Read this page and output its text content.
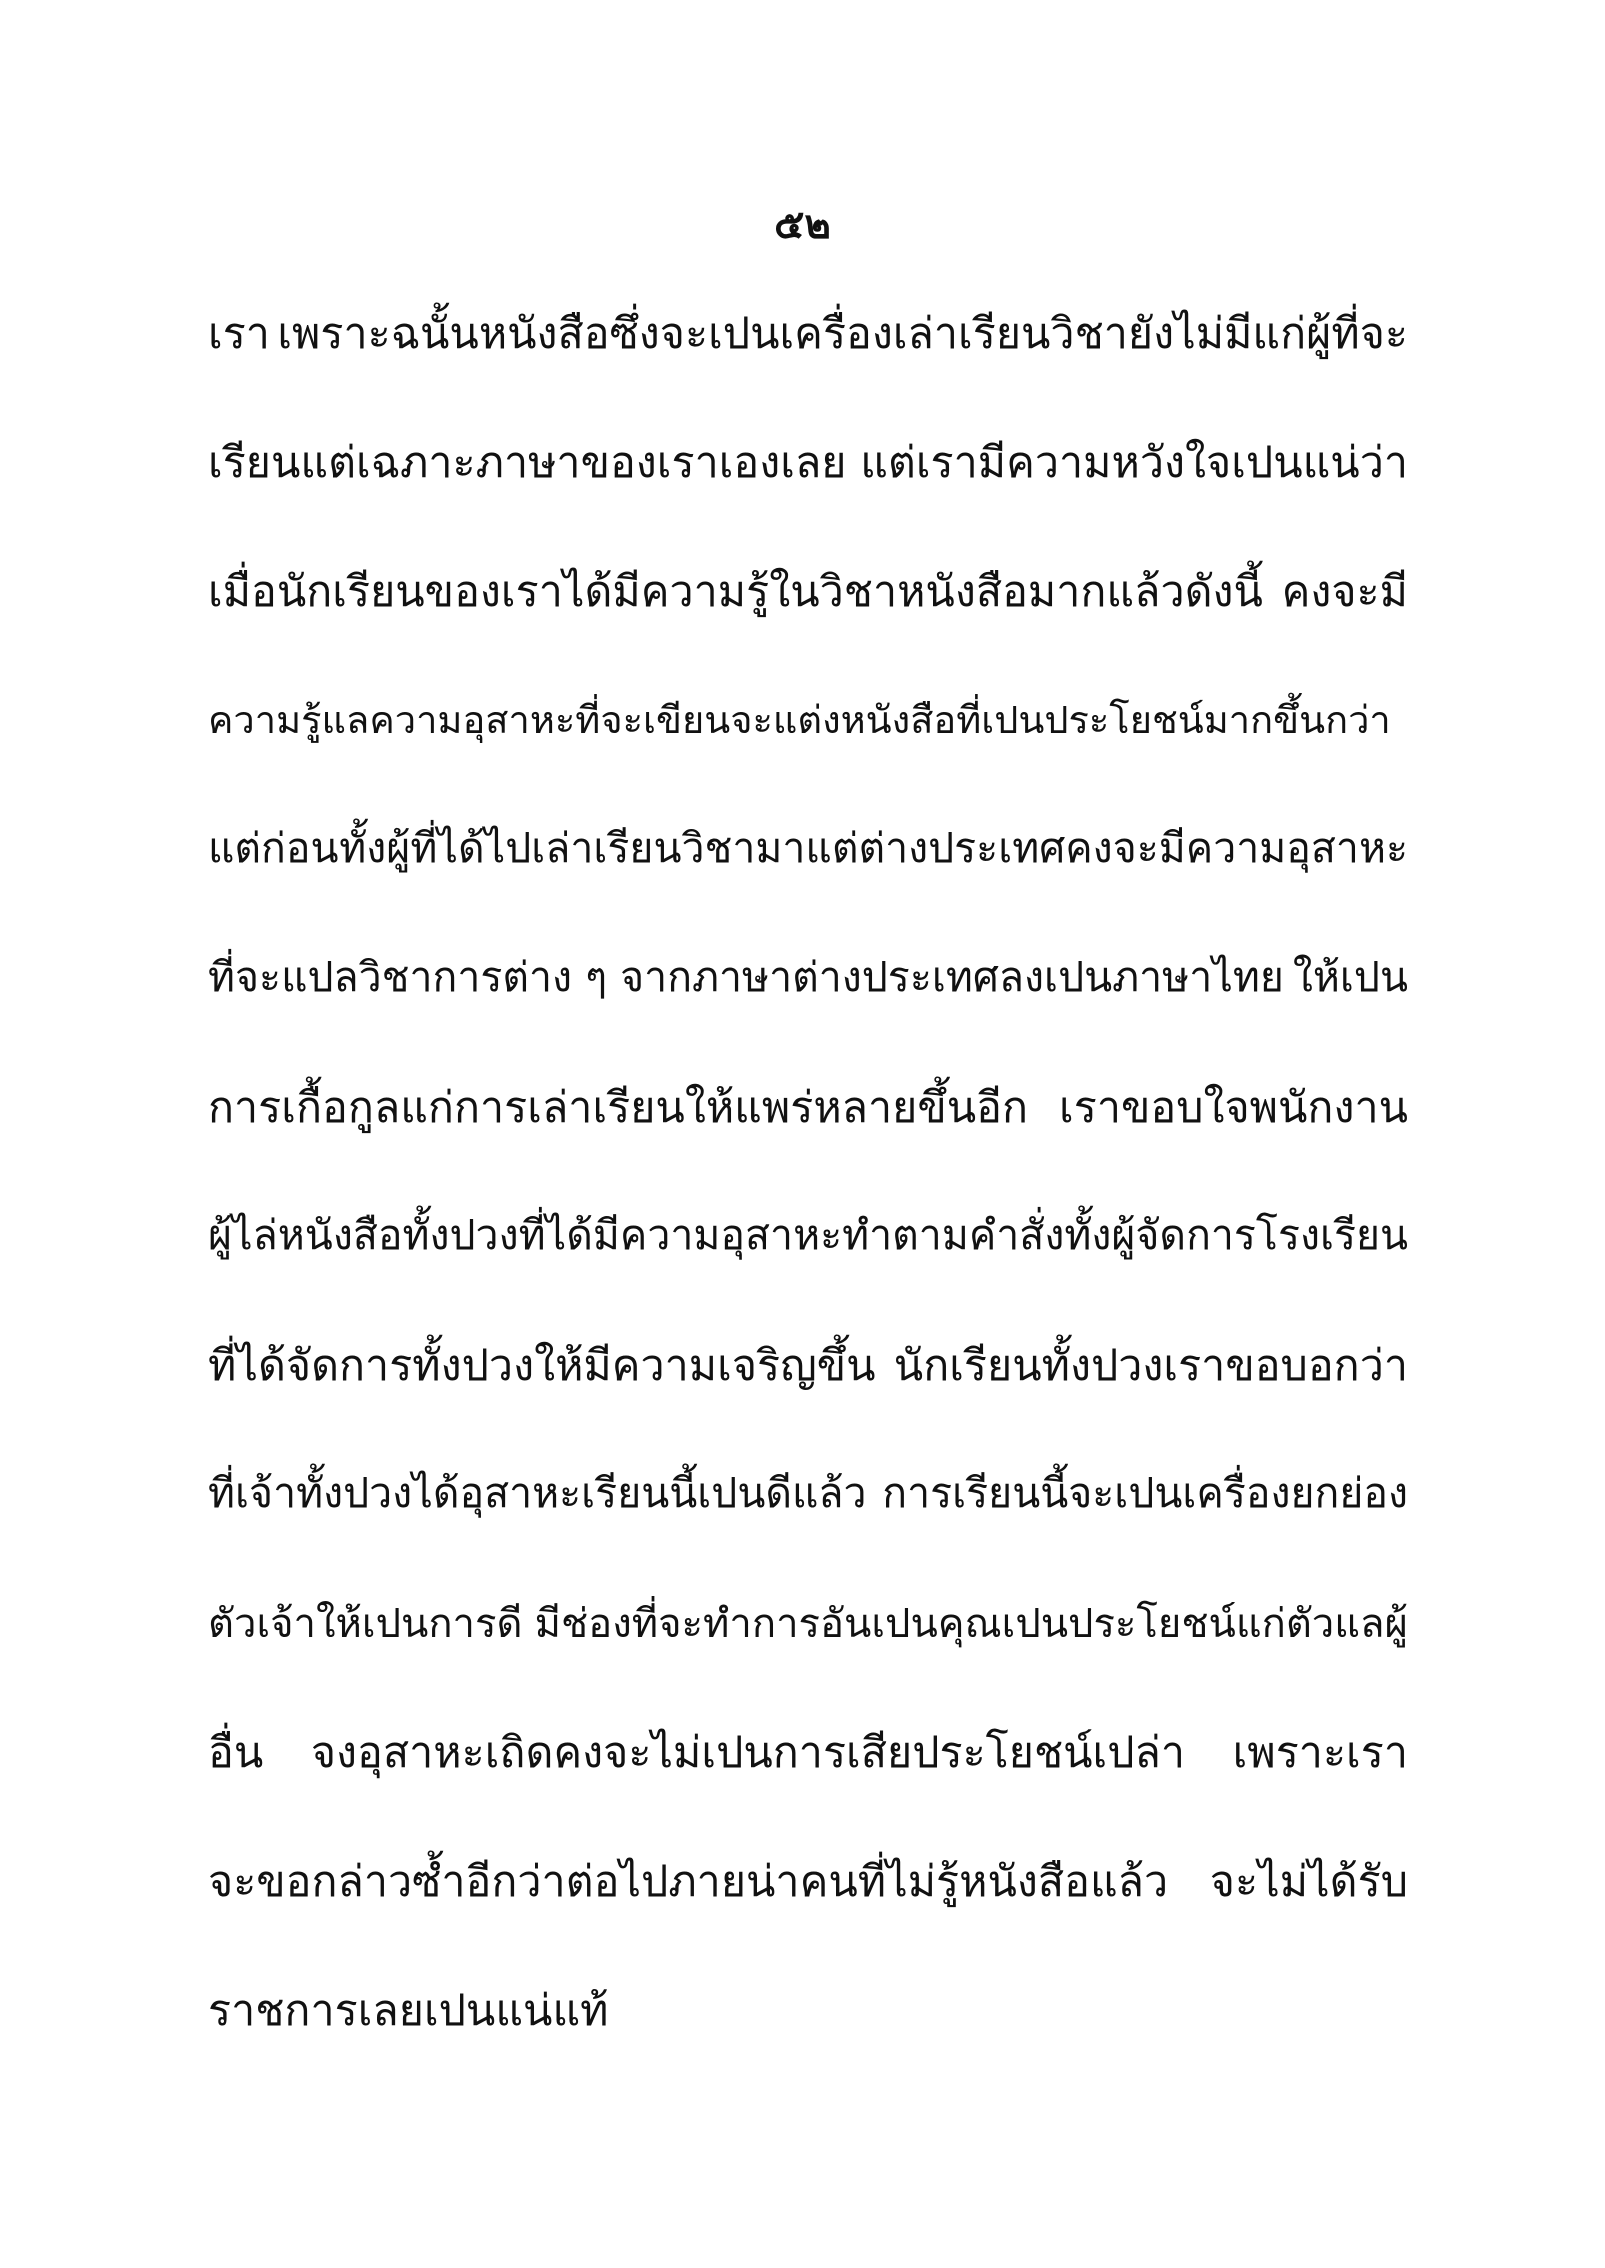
๕๒
เรา เพราะฉนั้นหนังสือซึ่งจะเปนเครื่องเล่าเรียนวิชายังไม่มีแก่ผู้ที่จะ
เรียนแต่เฉภาะภาษาของเราเองเลย แต่เรามีความหวังใจเปนแน่ว่า
เมื่อนักเรียนของเราได้มีความรู้ในวิชาหนังสือมากแล้วดังนี้ คงจะมี
ความรู้แลความอุสาหะที่จะเขียนจะแต่งหนังสือที่เปนประโยชน์มากขึ้นกว่า
แต่ก่อน ทั้งผู้ที่ได้ไปเล่าเรียนวิชามาแต่ต่างประเทศคงจะมีความอุสาหะ
ที่จะแปลวิชาการต่าง ๆ จากภาษาต่างประเทศลงเปนภาษาไทย ให้เปน
การเกื้อกูลแก่การเล่าเรียนให้แพร่หลายขึ้นอีก เราขอบใจพนักงาน
ผู้ไล่หนังสือทั้งปวง ที่ได้มีความอุสาหะทำตามคำสั่ง ทั้งผู้จัดการโรงเรียน
ที่ได้จัดการทั้งปวงให้มีความเจริญขึ้น นักเรียนทั้งปวงเราขอบอกว่า
ที่เจ้าทั้งปวงได้อุสาหะเรียนนี้เปนดีแล้ว การเรียนนี้จะเปนเครื่องยกย่อง
ตัวเจ้าให้เปนการดี มีช่องที่จะทำการอันเปนคุณเปนประโยชน์แก่ตัวแลผู้
อื่น จงอุสาหะเถิดคงจะไม่เปนการเสียประโยชน์เปล่า เพราะเรา
จะขอกล่าวซ้ำอีกว่าต่อไปภายน่าคนที่ไม่รู้หนังสือแล้ว จะไม่ได้รับ
ราชการเลยเปนแน่แท้
